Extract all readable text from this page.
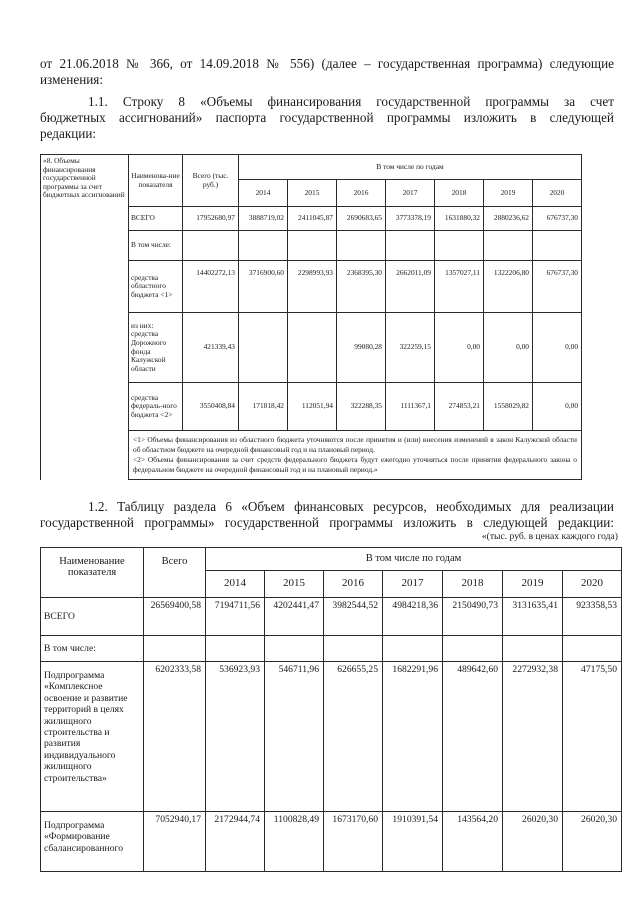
от 21.06.2018 № 366, от 14.09.2018 № 556) (далее – государственная программа) следующие

изменения:

1.1. Строку 8 «Объемы финансирования государственной программы за счет

бюджетных ассигнований» паспорта государственной программы изложить в следующей

редакции:

«8. Объемы финансирования государственной программы за счет бюджетных ассигнований	Наименова-ние показателя	Всего (тыс. руб.)	В том числе по годам						
			2014	2015	2016	2017	2018	2019	2020
	ВСЕГО	17952680,97	3888719,02	2411045,87	2690683,65	3773378,19	1631880,32	2880236,62	676737,30
	В том числе:								
	средства областного бюджета <1>	14402272,13	3716900,60	2298993,93	2368395,30	2662011,09	1357027,11	1322206,80	676737,30
	из них: средства Дорожного фонда Калужской области	421339,43			99080,28	322259,15	0,00	0,00	0,00
	средства федераль-ного бюджета <2>	3550408,84	171818,42	112051,94	322288,35	1111367,1	274853,21	1558029,82	0,00

	<1> Объемы финансирования из областного бюджета уточняются после принятия и (или) внесения изменений в закон Калужской области об областном бюджете на очередной финансовый год и на плановый период.
<2> Объемы финансирования за счет средств федерального бюджета будут ежегодно уточняться после принятия федерального закона о федеральном бюджете на очередной финансовый год и на плановый период.»								

1.2. Таблицу раздела 6 «Объем финансовых ресурсов, необходимых для реализации

государственной программы» государственной программы изложить в следующей редакции:

«(тыс. руб. в ценах каждого года)

Наименование показателя	Всего	В том числе по годам						
		2014	2015	2016	2017	2018	2019	2020
ВСЕГО	26569400,58	7194711,56	4202441,47	3982544,52	4984218,36	2150490,73	3131635,41	923358,53
В том числе:								
Подпрограмма «Комплексное освоение и развитие территорий в целях жилищного строительства и развития индивидуального жилищного строительства»	6202333,58	536923,93	546711,96	626655,25	1682291,96	489642,60	2272932,38	47175,50
Подпрограмма «Формирование сбалансированного	7052940,17	2172944,74	1100828,49	1673170,60	1910391,54	143564,20	26020,30	26020,30
